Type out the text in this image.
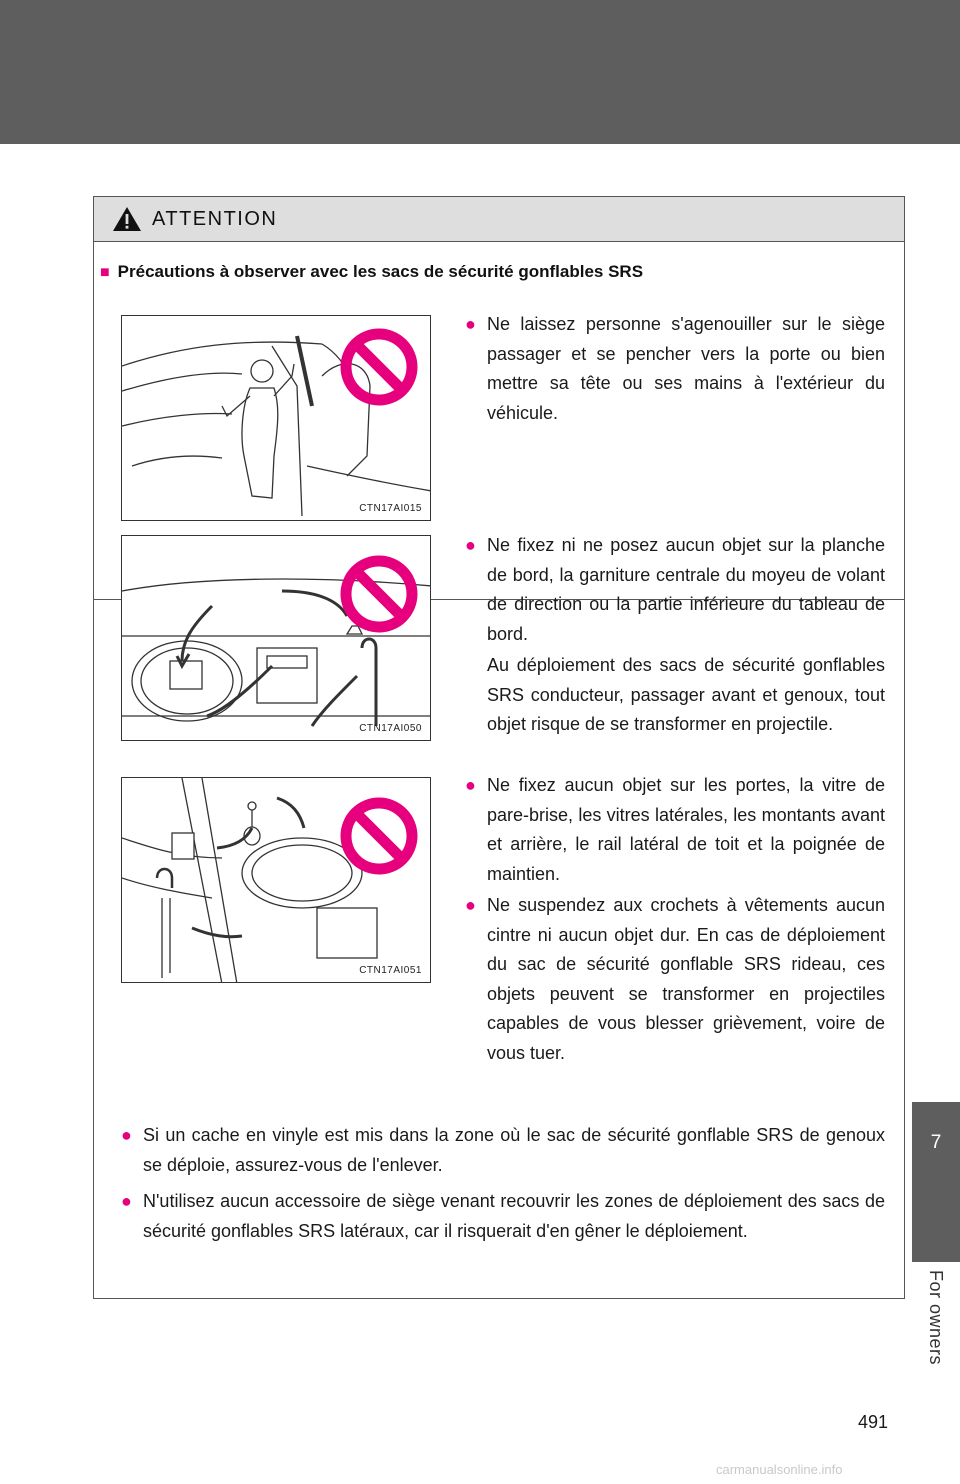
ATTENTION
■ Précautions à observer avec les sacs de sécurité gonflables SRS
CTN17AI015
CTN17AI050
CTN17AI051
● Ne laissez personne s'agenouiller sur le siège passager et se pencher vers la porte ou bien mettre sa tête ou ses mains à l'extérieur du véhicule.
● Ne fixez ni ne posez aucun objet sur la planche de bord, la garniture centrale du moyeu de volant de direction ou la partie inférieure du tableau de bord.
Au déploiement des sacs de sécurité gonflables SRS conducteur, passager avant et genoux, tout objet risque de se transformer en projectile.
● Ne fixez aucun objet sur les portes, la vitre de pare-brise, les vitres latérales, les montants avant et arrière, le rail latéral de toit et la poignée de maintien.
● Ne suspendez aux crochets à vêtements aucun cintre ni aucun objet dur. En cas de déploiement du sac de sécurité gonflable SRS rideau, ces objets peuvent se transformer en projectiles capables de vous blesser grièvement, voire de vous tuer.
● Si un cache en vinyle est mis dans la zone où le sac de sécurité gonflable SRS de genoux se déploie, assurez-vous de l'enlever.
● N'utilisez aucun accessoire de siège venant recouvrir les zones de déploiement des sacs de sécurité gonflables SRS latéraux, car il risquerait d'en gêner le déploiement.
7
For owners
491
carmanualsonline.info
